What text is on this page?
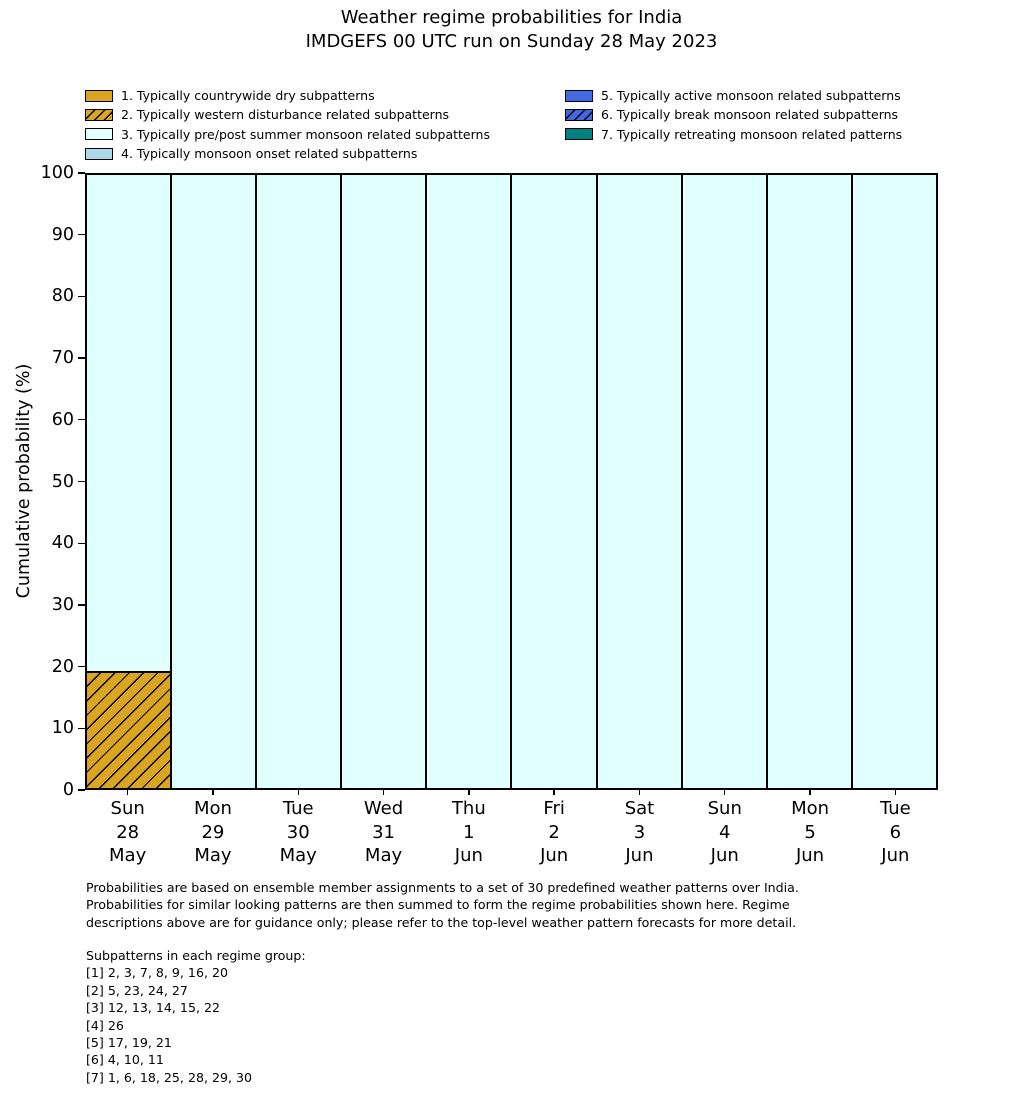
Weather regime probabilities for India
IMDGEFS 00 UTC run on Sunday 28 May 2023
1. Typically countrywide dry subpatterns
2. Typically western disturbance related subpatterns
3. Typically pre/post summer monsoon related subpatterns
4. Typically monsoon onset related subpatterns
5. Typically active monsoon related subpatterns
6. Typically break monsoon related subpatterns
7. Typically retreating monsoon related patterns
Cumulative probability (%)
Probabilities are based on ensemble member assignments to a set of 30 predefined weather patterns over India.
Probabilities for similar looking patterns are then summed to form the regime probabilities shown here. Regime
descriptions above are for guidance only; please refer to the top-level weather pattern forecasts for more detail.
Subpatterns in each regime group:
[1] 2, 3, 7, 8, 9, 16, 20
[2] 5, 23, 24, 27
[3] 12, 13, 14, 15, 22
[4] 26
[5] 17, 19, 21
[6] 4, 10, 11
[7] 1, 6, 18, 25, 28, 29, 30
0
10
20
30
40
50
60
70
80
90
100
Sun
28
May
Mon
29
May
Tue
30
May
Wed
31
May
Thu
1
Jun
Fri
2
Jun
Sat
3
Jun
Sun
4
Jun
Mon
5
Jun
Tue
6
Jun
